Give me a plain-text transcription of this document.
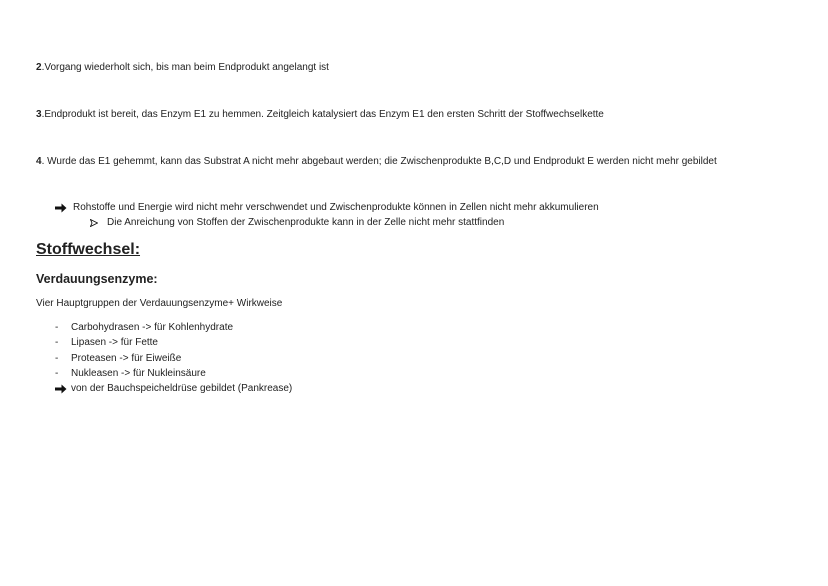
2.Vorgang wiederholt sich, bis man beim Endprodukt angelangt ist
3.Endprodukt ist bereit, das Enzym E1 zu hemmen. Zeitgleich katalysiert das Enzym E1 den ersten Schritt der Stoffwechselkette
4. Wurde das E1 gehemmt, kann das Substrat A nicht mehr abgebaut werden; die Zwischenprodukte B,C,D und Endprodukt E werden nicht mehr gebildet
Rohstoffe und Energie wird nicht mehr verschwendet und Zwischenprodukte können in Zellen nicht mehr akkumulieren
Die Anreichung von Stoffen der Zwischenprodukte kann in der Zelle nicht mehr stattfinden
Stoffwechsel:
Verdauungsenzyme:
Vier Hauptgruppen der Verdauungsenzyme+ Wirkweise
-	Carbohydrasen -> für Kohlenhydrate
-	Lipasen -> für Fette
-	Proteasen -> für Eiweiße
-	Nukleasen -> für Nukleinsäure
von der Bauchspeicheldrüse gebildet (Pankrease)
